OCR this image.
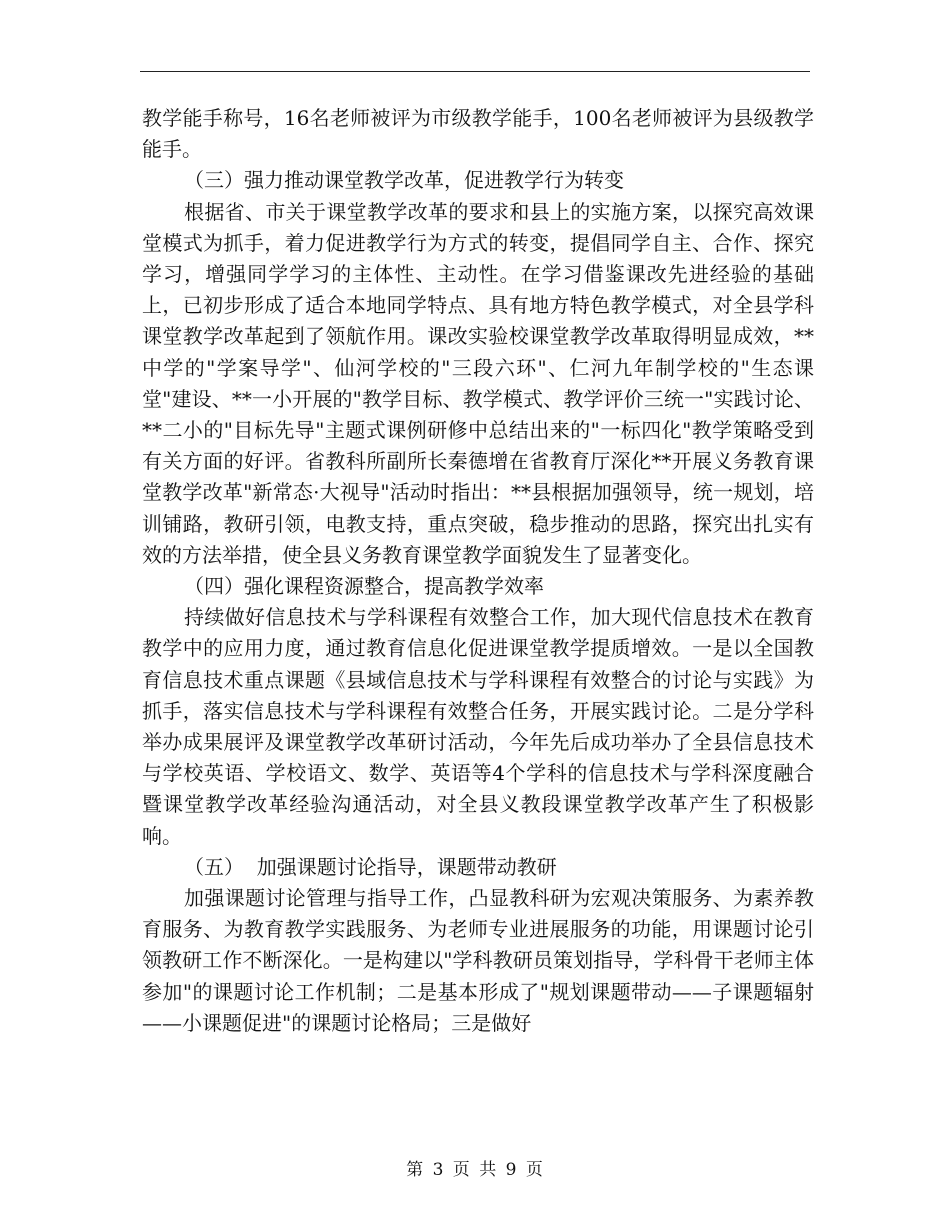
教学能手称号，16名老师被评为市级教学能手，100名老师被评为县级教学能手。

（三）强力推动课堂教学改革，促进教学行为转变

根据省、市关于课堂教学改革的要求和县上的实施方案，以探究高效课堂模式为抓手，着力促进教学行为方式的转变，提倡同学自主、合作、探究学习，增强同学学习的主体性、主动性。在学习借鉴课改先进经验的基础上，已初步形成了适合本地同学特点、具有地方特色教学模式，对全县学科课堂教学改革起到了领航作用。课改实验校课堂教学改革取得明显成效，**中学的"学案导学"、仙河学校的"三段六环"、仁河九年制学校的"生态课堂"建设、**一小开展的"教学目标、教学模式、教学评价三统一"实践讨论、**二小的"目标先导"主题式课例研修中总结出来的"一标四化"教学策略受到有关方面的好评。省教科所副所长秦德增在省教育厅深化**开展义务教育课堂教学改革"新常态·大视导"活动时指出：**县根据加强领导，统一规划，培训铺路，教研引领，电教支持，重点突破，稳步推动的思路，探究出扎实有效的方法举措，使全县义务教育课堂教学面貌发生了显著变化。

（四）强化课程资源整合，提高教学效率

持续做好信息技术与学科课程有效整合工作，加大现代信息技术在教育教学中的应用力度，通过教育信息化促进课堂教学提质增效。一是以全国教育信息技术重点课题《县域信息技术与学科课程有效整合的讨论与实践》为抓手，落实信息技术与学科课程有效整合任务，开展实践讨论。二是分学科举办成果展评及课堂教学改革研讨活动，今年先后成功举办了全县信息技术与学校英语、学校语文、数学、英语等4个学科的信息技术与学科深度融合暨课堂教学改革经验沟通活动，对全县义教段课堂教学改革产生了积极影响。

（五）  加强课题讨论指导，课题带动教研

加强课题讨论管理与指导工作，凸显教科研为宏观决策服务、为素养教育服务、为教育教学实践服务、为老师专业进展服务的功能，用课题讨论引领教研工作不断深化。一是构建以"学科教研员策划指导，学科骨干老师主体参加"的课题讨论工作机制；二是基本形成了"规划课题带动——子课题辐射——小课题促进"的课题讨论格局；三是做好

第 3 页 共 9 页
